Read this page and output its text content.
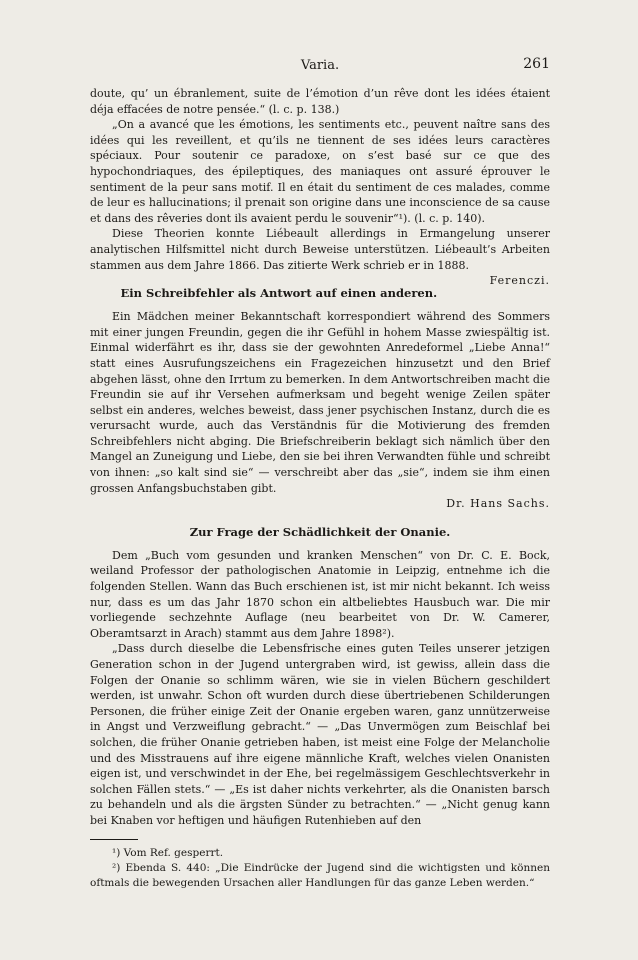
Varia.	261

doute, qu’ un ébranlement, suite de l’émotion d’un rêve dont les idées étaient déja effacées de notre pensée.“ (l. c. p. 138.)

„On a avancé que les émotions, les sentiments etc., peuvent naître sans des idées qui les reveillent, et qu’ils ne tiennent de ses idées leurs caractères spéciaux. Pour soutenir ce paradoxe, on s’est basé sur ce que des hypochondriaques, des épileptiques, des maniaques ont assuré éprouver le sentiment de la peur sans motif. Il en était du sentiment de ces malades, comme de leur es hallucinations; il prenait son origine dans une inconscience de sa cause et dans des rêveries dont ils avaient perdu le souvenir“¹). (l. c. p. 140).

Diese Theorien konnte Liébeault allerdings in Ermangelung unserer analytischen Hilfsmittel nicht durch Beweise unterstützen. Liébeault’s Arbeiten stammen aus dem Jahre 1866. Das zitierte Werk schrieb er in 1888.
Ferenczi.

Ein Schreibfehler als Antwort auf einen anderen.

Ein Mädchen meiner Bekanntschaft korrespondiert während des Sommers mit einer jungen Freundin, gegen die ihr Gefühl in hohem Masse zwiespältig ist. Einmal widerfährt es ihr, dass sie der gewohnten Anredeformel „Liebe Anna!“ statt eines Ausrufungszeichens ein Fragezeichen hinzusetzt und den Brief abgehen lässt, ohne den Irrtum zu bemerken. In dem Antwortschreiben macht die Freundin sie auf ihr Versehen aufmerksam und begeht wenige Zeilen später selbst ein anderes, welches beweist, dass jener psychischen Instanz, durch die es verursacht wurde, auch das Verständnis für die Motivierung des fremden Schreibfehlers nicht abging. Die Briefschreiberin beklagt sich nämlich über den Mangel an Zuneigung und Liebe, den sie bei ihren Verwandten fühle und schreibt von ihnen: „so kalt sind sie“ — verschreibt aber das „sie“, indem sie ihm einen grossen Anfangsbuchstaben gibt.

Dr. Hans Sachs.
Zur Frage der Schädlichkeit der Onanie.

Dem „Buch vom gesunden und kranken Menschen“ von Dr. C. E. Bock, weiland Professor der pathologischen Anatomie in Leipzig, entnehme ich die folgenden Stellen. Wann das Buch erschienen ist, ist mir nicht bekannt. Ich weiss nur, dass es um das Jahr 1870 schon ein altbeliebtes Hausbuch war. Die mir vorliegende sechzehnte Auflage (neu bearbeitet von Dr. W. Camerer, Oberamtsarzt in Arach) stammt aus dem Jahre 1898²).

„Dass durch dieselbe die Lebensfrische eines guten Teiles unserer jetzigen Generation schon in der Jugend untergraben wird, ist gewiss, allein dass die Folgen der Onanie so schlimm wären, wie sie in vielen Büchern geschildert werden, ist unwahr. Schon oft wurden durch diese übertriebenen Schilderungen Personen, die früher einige Zeit der Onanie ergeben waren, ganz unnützerweise in Angst und Verzweiflung gebracht.“ — „Das Unvermögen zum Beischlaf bei solchen, die früher Onanie getrieben haben, ist meist eine Folge der Melancholie und des Misstrauens auf ihre eigene männliche Kraft, welches vielen Onanisten eigen ist, und verschwindet in der Ehe, bei regelmässigem Geschlechtsverkehr in solchen Fällen stets.“ — „Es ist daher nichts verkehrter, als die Onanisten barsch zu behandeln und als die ärgsten Sünder zu betrachten.“ — „Nicht genug kann bei Knaben vor heftigen und häufigen Rutenhieben auf den

¹) Vom Ref. gesperrt.

²) Ebenda S. 440: „Die Eindrücke der Jugend sind die wichtigsten und können oftmals die bewegenden Ursachen aller Handlungen für das ganze Leben werden.“
